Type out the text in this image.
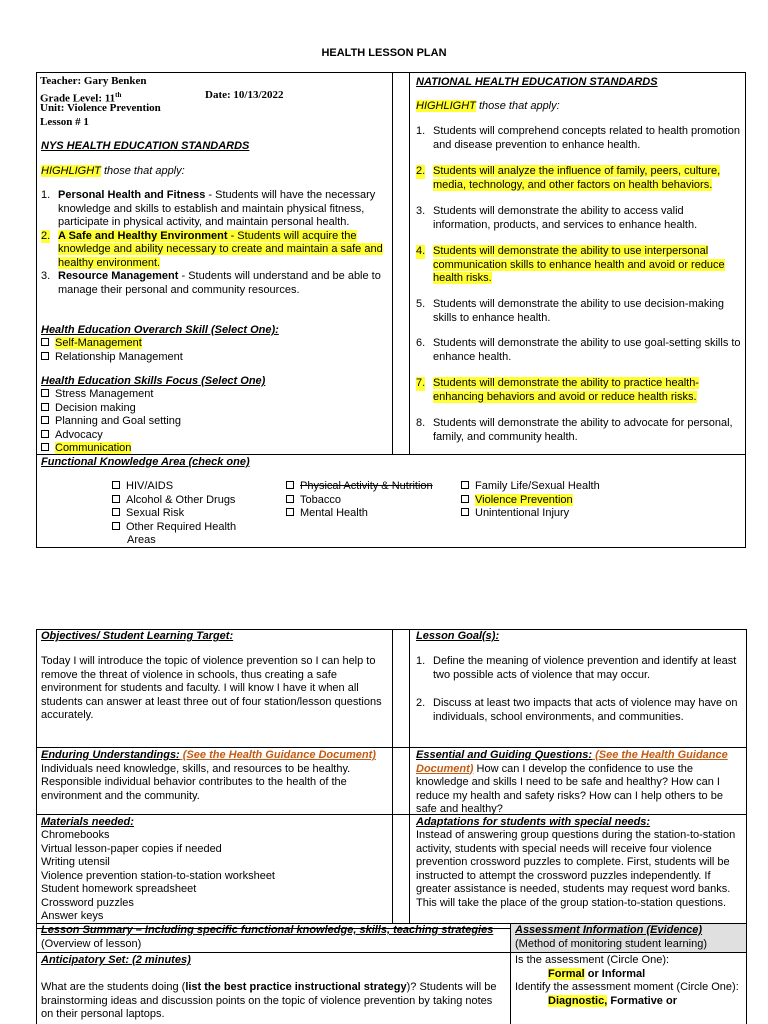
HEALTH LESSON PLAN
Teacher: Gary Benken
Grade Level: 11th	Date: 10/13/2022
Unit: Violence Prevention
Lesson # 1
NYS HEALTH EDUCATION STANDARDS
HIGHLIGHT those that apply:
1. Personal Health and Fitness - Students will have the necessary knowledge and skills to establish and maintain physical fitness, participate in physical activity, and maintain personal health.
2. A Safe and Healthy Environment - Students will acquire the knowledge and ability necessary to create and maintain a safe and healthy environment.
3. Resource Management - Students will understand and be able to manage their personal and community resources.
Health Education Overarch Skill (Select One):
Self-Management
Relationship Management
Health Education Skills Focus (Select One)
Stress Management
Decision making
Planning and Goal setting
Advocacy
Communication
NATIONAL HEALTH EDUCATION STANDARDS
HIGHLIGHT those that apply:
1. Students will comprehend concepts related to health promotion and disease prevention to enhance health.
2. Students will analyze the influence of family, peers, culture, media, technology, and other factors on health behaviors.
3. Students will demonstrate the ability to access valid information, products, and services to enhance health.
4. Students will demonstrate the ability to use interpersonal communication skills to enhance health and avoid or reduce health risks.
5. Students will demonstrate the ability to use decision-making skills to enhance health.
6. Students will demonstrate the ability to use goal-setting skills to enhance health.
7. Students will demonstrate the ability to practice health-enhancing behaviors and avoid or reduce health risks.
8. Students will demonstrate the ability to advocate for personal, family, and community health.
Functional Knowledge Area (check one)
HIV/AIDS
Alcohol & Other Drugs
Sexual Risk
Other Required Health Areas
Physical Activity & Nutrition
Tobacco
Mental Health
Family Life/Sexual Health
Violence Prevention
Unintentional Injury
Objectives/ Student Learning Target:
Today I will introduce the topic of violence prevention so I can help to remove the threat of violence in schools, thus creating a safe environment for students and faculty. I will know I have it when all students can answer at least three out of four station/lesson questions accurately.
Lesson Goal(s):
1. Define the meaning of violence prevention and identify at least two possible acts of violence that may occur.
2. Discuss at least two impacts that acts of violence may have on individuals, school environments, and communities.
Enduring Understandings: (See the Health Guidance Document)
Individuals need knowledge, skills, and resources to be healthy. Responsible individual behavior contributes to the health of the environment and the community.
Essential and Guiding Questions: (See the Health Guidance Document) How can I develop the confidence to use the knowledge and skills I need to be safe and healthy? How can I reduce my health and safety risks? How can I help others to be safe and healthy?
Materials needed:
Chromebooks
Virtual lesson-paper copies if needed
Writing utensil
Violence prevention station-to-station worksheet
Student homework spreadsheet
Crossword puzzles
Answer keys
Adaptations for students with special needs:
Instead of answering group questions during the station-to-station activity, students with special needs will receive four violence prevention crossword puzzles to complete. First, students will be instructed to attempt the crossword puzzles independently. If greater assistance is needed, students may request word banks. This will take the place of the group station-to-station questions.
Lesson Summary – Including specific functional knowledge, skills, teaching strategies (Overview of lesson)
Assessment Information (Evidence)
(Method of monitoring student learning)
Is the assessment (Circle One):
Formal or Informal
Identify the assessment moment (Circle One):
Diagnostic, Formative or
Anticipatory Set: (2 minutes)
What are the students doing (list the best practice instructional strategy)? Students will be brainstorming ideas and discussion points on the topic of violence prevention by taking notes on their personal laptops.
